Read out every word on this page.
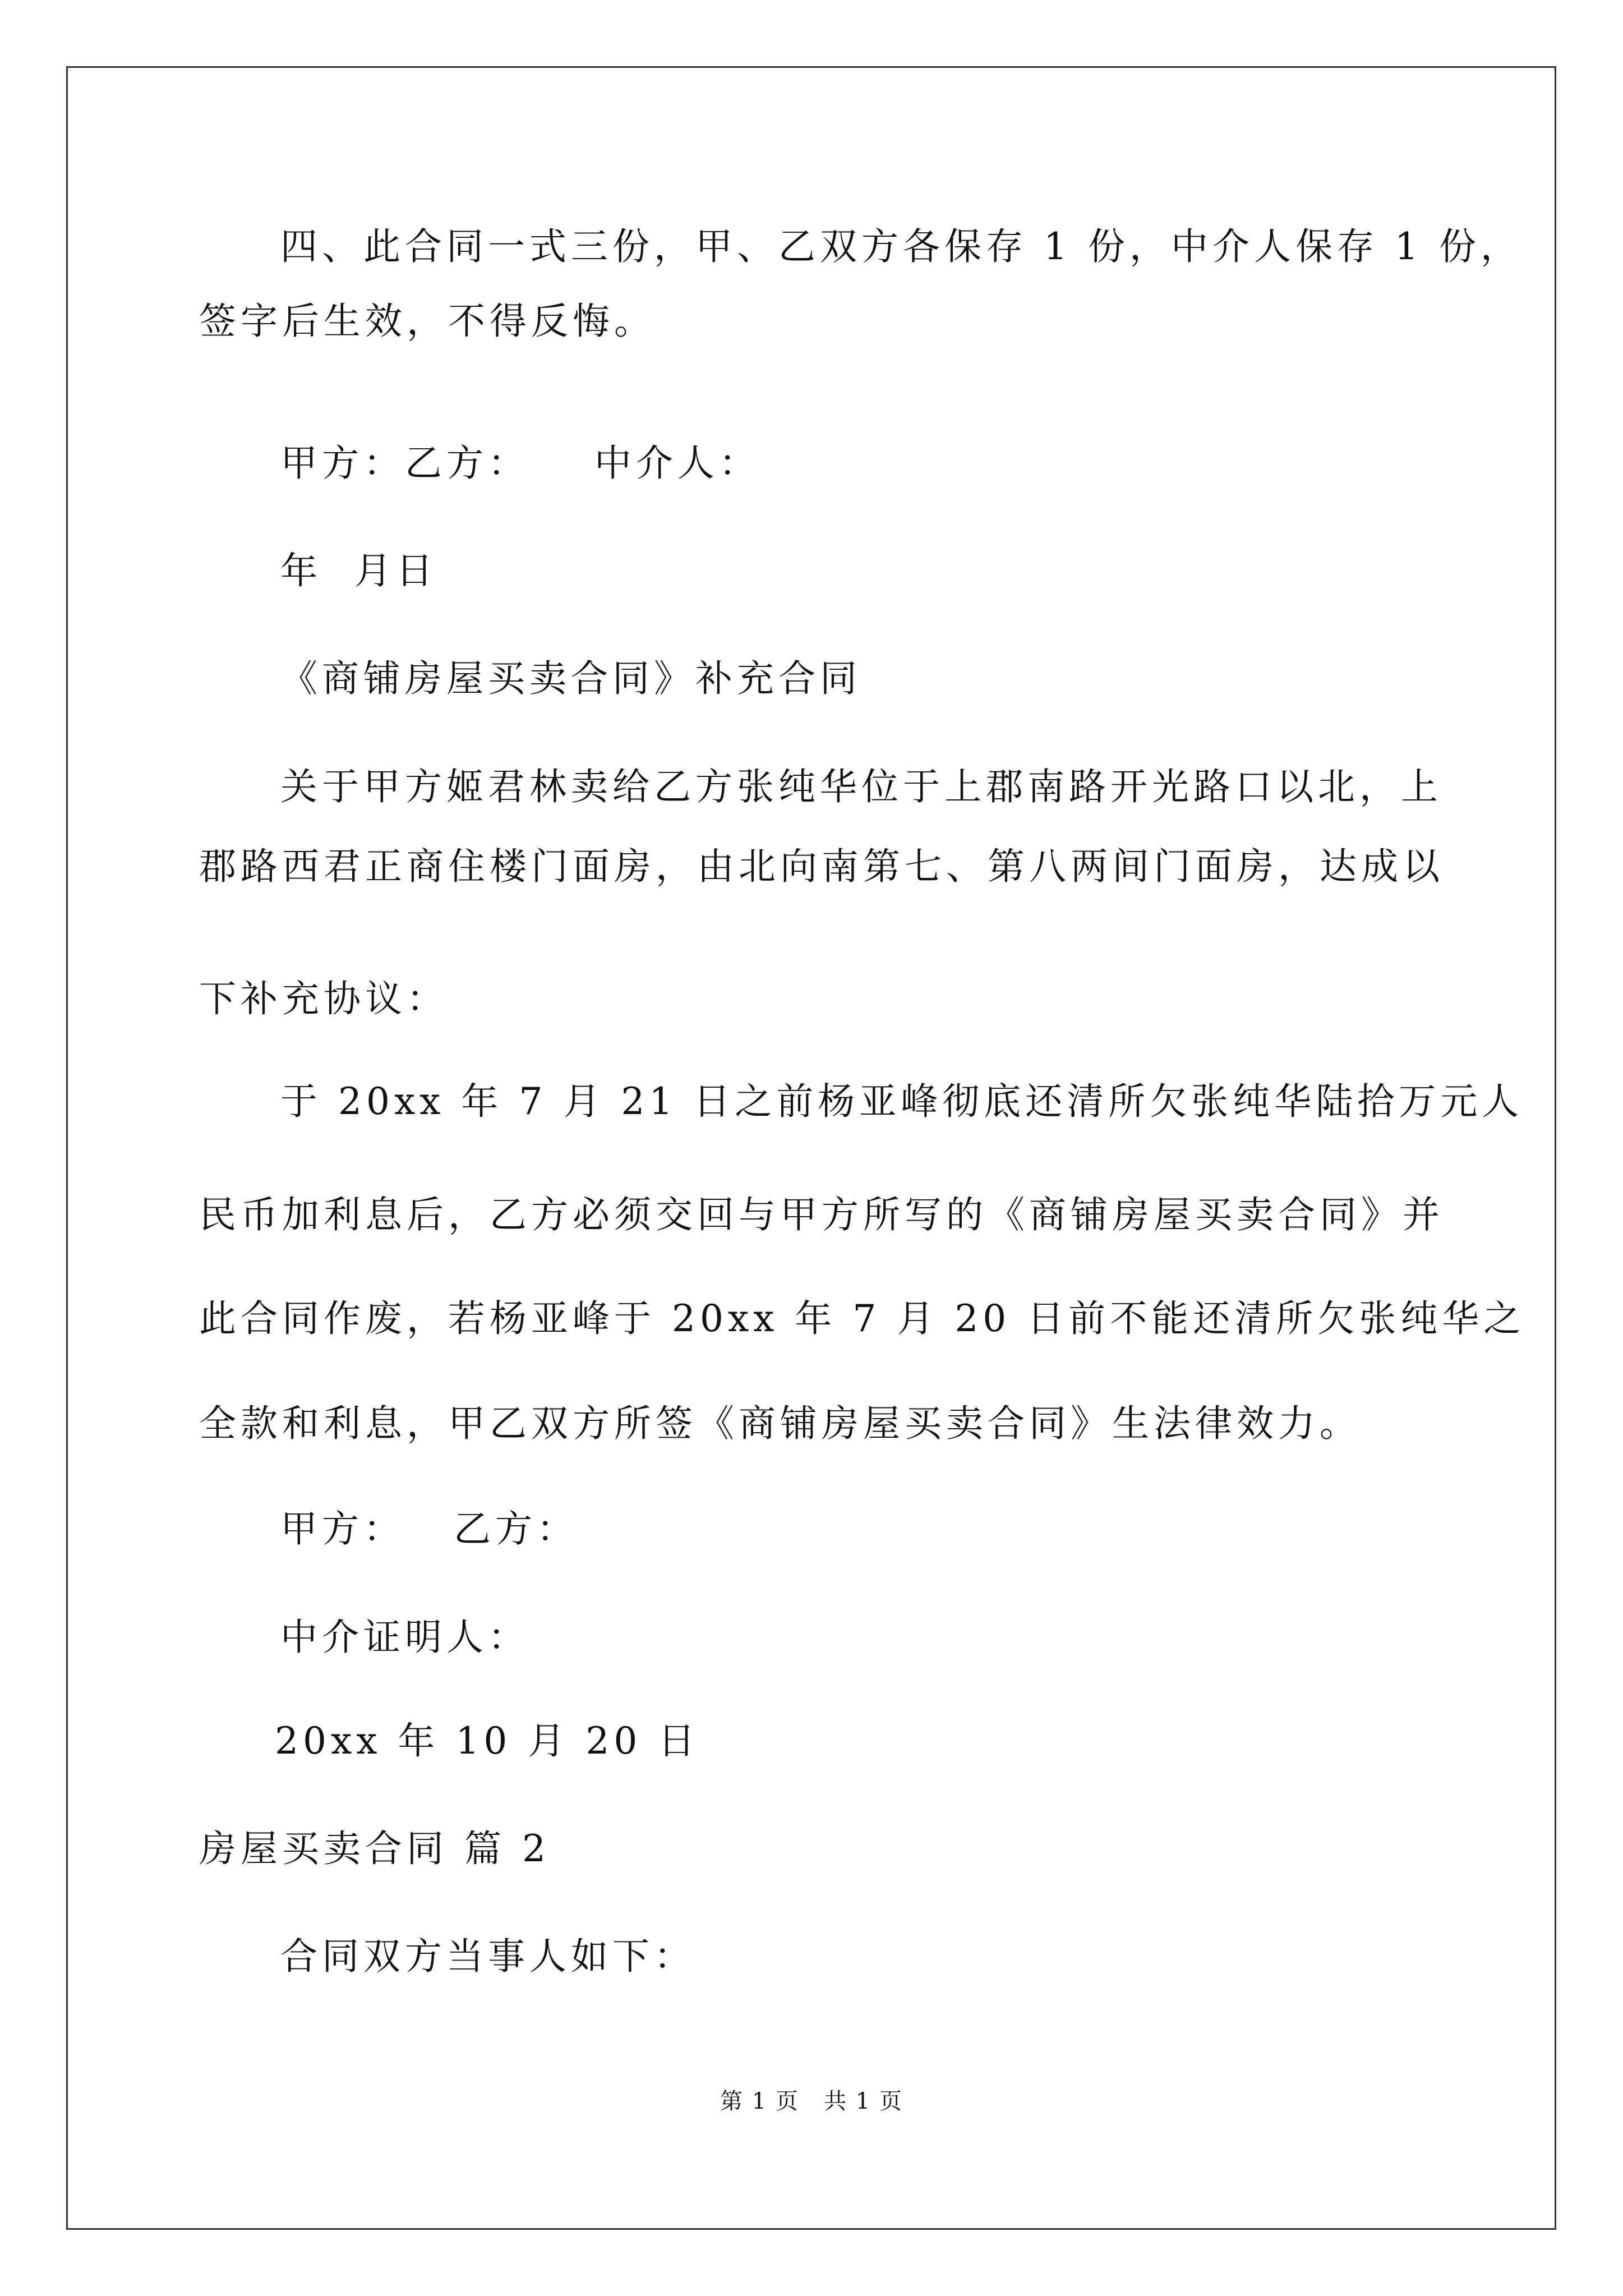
四、此合同一式三份，甲、乙双方各保存 1 份，中介人保存 1 份，
签字后生效，不得反悔。
甲方：乙方：    中介人：
年  月日
《商铺房屋买卖合同》补充合同
关于甲方姬君林卖给乙方张纯华位于上郡南路开光路口以北，上
郡路西君正商住楼门面房，由北向南第七、第八两间门面房，达成以
下补充协议：
于 20xx 年 7 月 21 日之前杨亚峰彻底还清所欠张纯华陆拾万元人
民币加利息后，乙方必须交回与甲方所写的《商铺房屋买卖合同》并
此合同作废，若杨亚峰于 20xx 年 7 月 20 日前不能还清所欠张纯华之
全款和利息，甲乙双方所签《商铺房屋买卖合同》生法律效力。
甲方：   乙方：
中介证明人：
20xx 年 10 月 20 日
房屋买卖合同 篇 2
合同双方当事人如下：
第 1 页   共 1 页
